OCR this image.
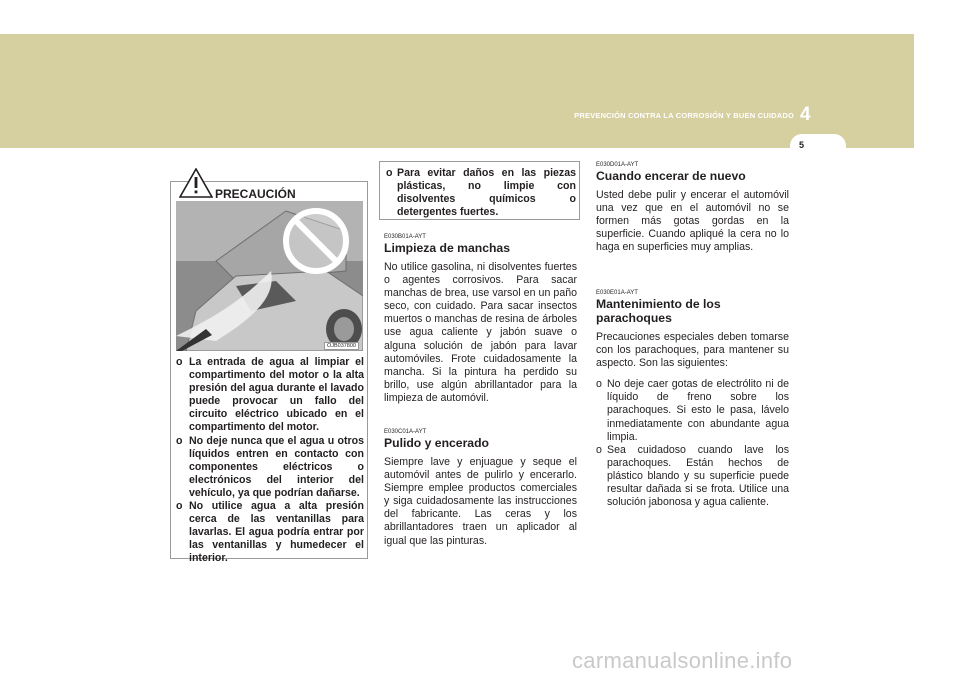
PREVENCIÓN CONTRA LA CORROSIÓN Y BUEN CUIDADO 4
5
PRECAUCIÓN
OJB037800
o La entrada de agua al limpiar el compartimento del motor o la alta presión del agua durante el lavado puede provocar un fallo del circuito eléctrico ubicado en el compartimento del motor.
o No deje nunca que el agua u otros líquidos entren en contacto con componentes eléctricos o electrónicos del interior del vehículo, ya que podrían dañarse.
o No utilice agua a alta presión cerca de las ventanillas para lavarlas. El agua podría entrar por las ventanillas y humedecer el interior.
o Para evitar daños en las piezas plásticas, no limpie con disolventes químicos o detergentes fuertes.
E030B01A-AYT
Limpieza de manchas
No utilice gasolina, ni disolventes fuertes o agentes corrosivos. Para sacar manchas de brea, use varsol en un paño seco, con cuidado. Para sacar insectos muertos o manchas de resina de árboles use agua caliente y jabón suave o alguna solución de jabón para lavar automóviles. Frote cuidadosamente la mancha. Si la pintura ha perdido su brillo, use algún abrillantador para la limpieza de automóvil.
E030C01A-AYT
Pulido y encerado
Siempre lave y enjuague y seque el automóvil antes de pulirlo y encerarlo. Siempre emplee productos comerciales y siga cuidadosamente las instrucciones del fabricante. Las ceras y los abrillantadores traen un aplicador al igual que las pinturas.
E030D01A-AYT
Cuando encerar de nuevo
Usted debe pulir y encerar el automóvil una vez que en el automóvil no se formen más gotas gordas en la superficie. Cuando apliqué la cera no lo haga en superficies muy amplias.
E030E01A-AYT
Mantenimiento de los parachoques
Precauciones especiales deben tomarse con los parachoques, para mantener su aspecto. Son las siguientes:
o No deje caer gotas de electrólito ni de líquido de freno sobre los parachoques. Si esto le pasa, lávelo inmediatamente con abundante agua limpia.
o Sea cuidadoso cuando lave los parachoques. Están hechos de plástico blando y su superficie puede resultar dañada si se frota. Utilice una solución jabonosa y agua caliente.
carmanualsonline.info
